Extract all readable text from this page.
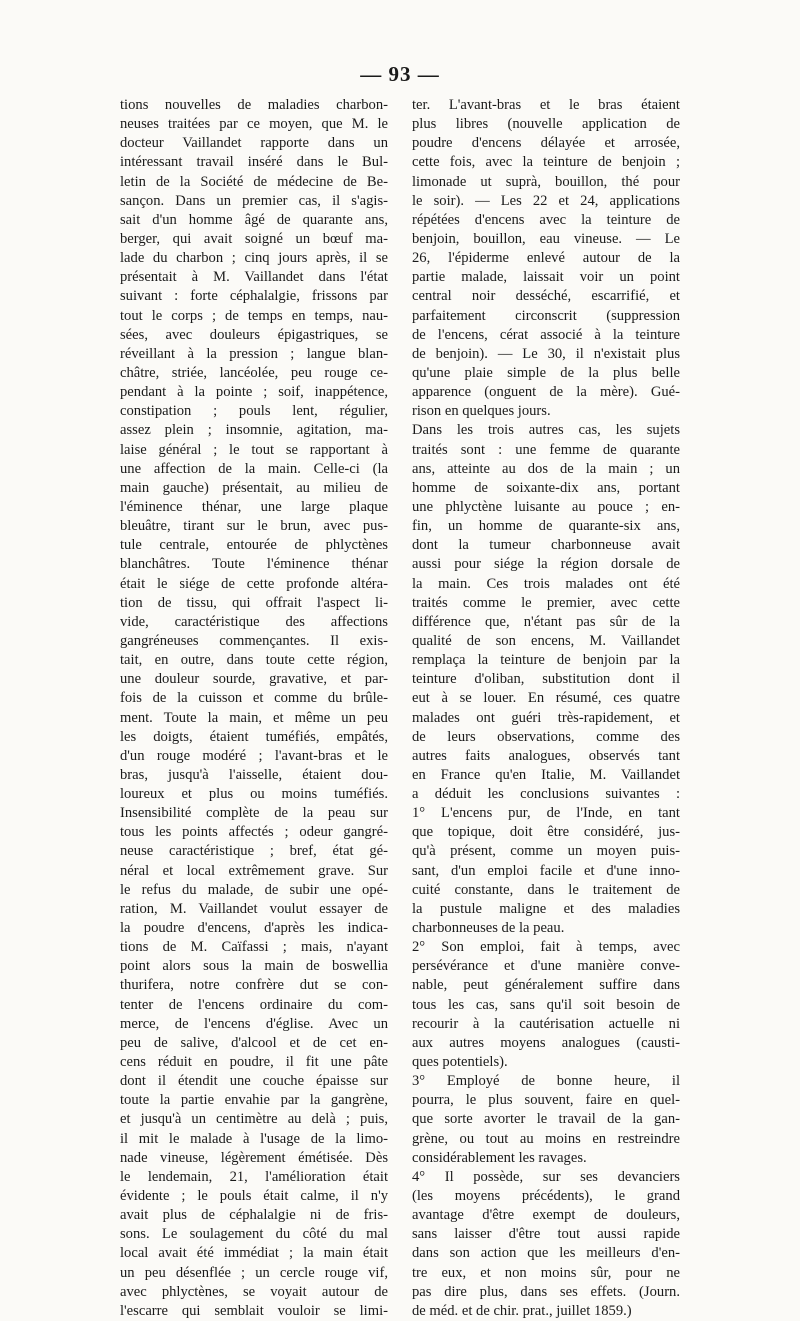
— 93 —
tions nouvelles de maladies charbon-
neuses traitées par ce moyen, que M. le
docteur Vaillandet rapporte dans un
intéressant travail inséré dans le Bul-
letin de la Société de médecine de Be-
sançon. Dans un premier cas, il s'agis-
sait d'un homme âgé de quarante ans,
berger, qui avait soigné un bœuf ma-
lade du charbon ; cinq jours après, il se
présentait à M. Vaillandet dans l'état
suivant : forte céphalalgie, frissons par
tout le corps ; de temps en temps, nau-
sées, avec douleurs épigastriques, se
réveillant à la pression ; langue blan-
châtre, striée, lancéolée, peu rouge ce-
pendant à la pointe ; soif, inappétence,
constipation ; pouls lent, régulier,
assez plein ; insomnie, agitation, ma-
laise général ; le tout se rapportant à
une affection de la main. Celle-ci (la
main gauche) présentait, au milieu de
l'éminence thénar, une large plaque
bleuâtre, tirant sur le brun, avec pus-
tule centrale, entourée de phlyctènes
blanchâtres. Toute l'éminence thénar
était le siége de cette profonde altéra-
tion de tissu, qui offrait l'aspect li-
vide, caractéristique des affections
gangréneuses commençantes. Il exis-
tait, en outre, dans toute cette région,
une douleur sourde, gravative, et par-
fois de la cuisson et comme du brûle-
ment. Toute la main, et même un peu
les doigts, étaient tuméfiés, empâtés,
d'un rouge modéré ; l'avant-bras et le
bras, jusqu'à l'aisselle, étaient dou-
loureux et plus ou moins tuméfiés.
Insensibilité complète de la peau sur
tous les points affectés ; odeur gangré-
neuse caractéristique ; bref, état gé-
néral et local extrêmement grave. Sur
le refus du malade, de subir une opé-
ration, M. Vaillandet voulut essayer de
la poudre d'encens, d'après les indica-
tions de M. Caïfassi ; mais, n'ayant
point alors sous la main de boswellia
thurifera, notre confrère dut se con-
tenter de l'encens ordinaire du com-
merce, de l'encens d'église. Avec un
peu de salive, d'alcool et de cet en-
cens réduit en poudre, il fit une pâte
dont il étendit une couche épaisse sur
toute la partie envahie par la gangrène,
et jusqu'à un centimètre au delà ; puis,
il mit le malade à l'usage de la limo-
nade vineuse, légèrement émétisée. Dès
le lendemain, 21, l'amélioration était
évidente ; le pouls était calme, il n'y
avait plus de céphalalgie ni de fris-
sons. Le soulagement du côté du mal
local avait été immédiat ; la main était
un peu désenflée ; un cercle rouge vif,
avec phlyctènes, se voyait autour de
l'escarre qui semblait vouloir se limi-
ter. L'avant-bras et le bras étaient
plus libres (nouvelle application de
poudre d'encens délayée et arrosée,
cette fois, avec la teinture de benjoin ;
limonade ut suprà, bouillon, thé pour
le soir). — Les 22 et 24, applications
répétées d'encens avec la teinture de
benjoin, bouillon, eau vineuse. — Le
26, l'épiderme enlevé autour de la
partie malade, laissait voir un point
central noir desséché, escarrifié, et
parfaitement circonscrit (suppression
de l'encens, cérat associé à la teinture
de benjoin). — Le 30, il n'existait plus
qu'une plaie simple de la plus belle
apparence (onguent de la mère). Gué-
rison en quelques jours.
Dans les trois autres cas, les sujets
traités sont : une femme de quarante
ans, atteinte au dos de la main ; un
homme de soixante-dix ans, portant
une phlyctène luisante au pouce ; en-
fin, un homme de quarante-six ans,
dont la tumeur charbonneuse avait
aussi pour siége la région dorsale de
la main. Ces trois malades ont été
traités comme le premier, avec cette
différence que, n'étant pas sûr de la
qualité de son encens, M. Vaillandet
remplaça la teinture de benjoin par la
teinture d'oliban, substitution dont il
eut à se louer. En résumé, ces quatre
malades ont guéri très-rapidement, et
de leurs observations, comme des
autres faits analogues, observés tant
en France qu'en Italie, M. Vaillandet
a déduit les conclusions suivantes :
1° L'encens pur, de l'Inde, en tant
que topique, doit être considéré, jus-
qu'à présent, comme un moyen puis-
sant, d'un emploi facile et d'une inno-
cuité constante, dans le traitement de
la pustule maligne et des maladies
charbonneuses de la peau.
2° Son emploi, fait à temps, avec
persévérance et d'une manière conve-
nable, peut généralement suffire dans
tous les cas, sans qu'il soit besoin de
recourir à la cautérisation actuelle ni
aux autres moyens analogues (causti-
ques potentiels).
3° Employé de bonne heure, il
pourra, le plus souvent, faire en quel-
que sorte avorter le travail de la gan-
grène, ou tout au moins en restreindre
considérablement les ravages.
4° Il possède, sur ses devanciers
(les moyens précédents), le grand
avantage d'être exempt de douleurs,
sans laisser d'être tout aussi rapide
dans son action que les meilleurs d'en-
tre eux, et non moins sûr, pour ne
pas dire plus, dans ses effets. (Journ.
de méd. et de chir. prat., juillet 1859.)
